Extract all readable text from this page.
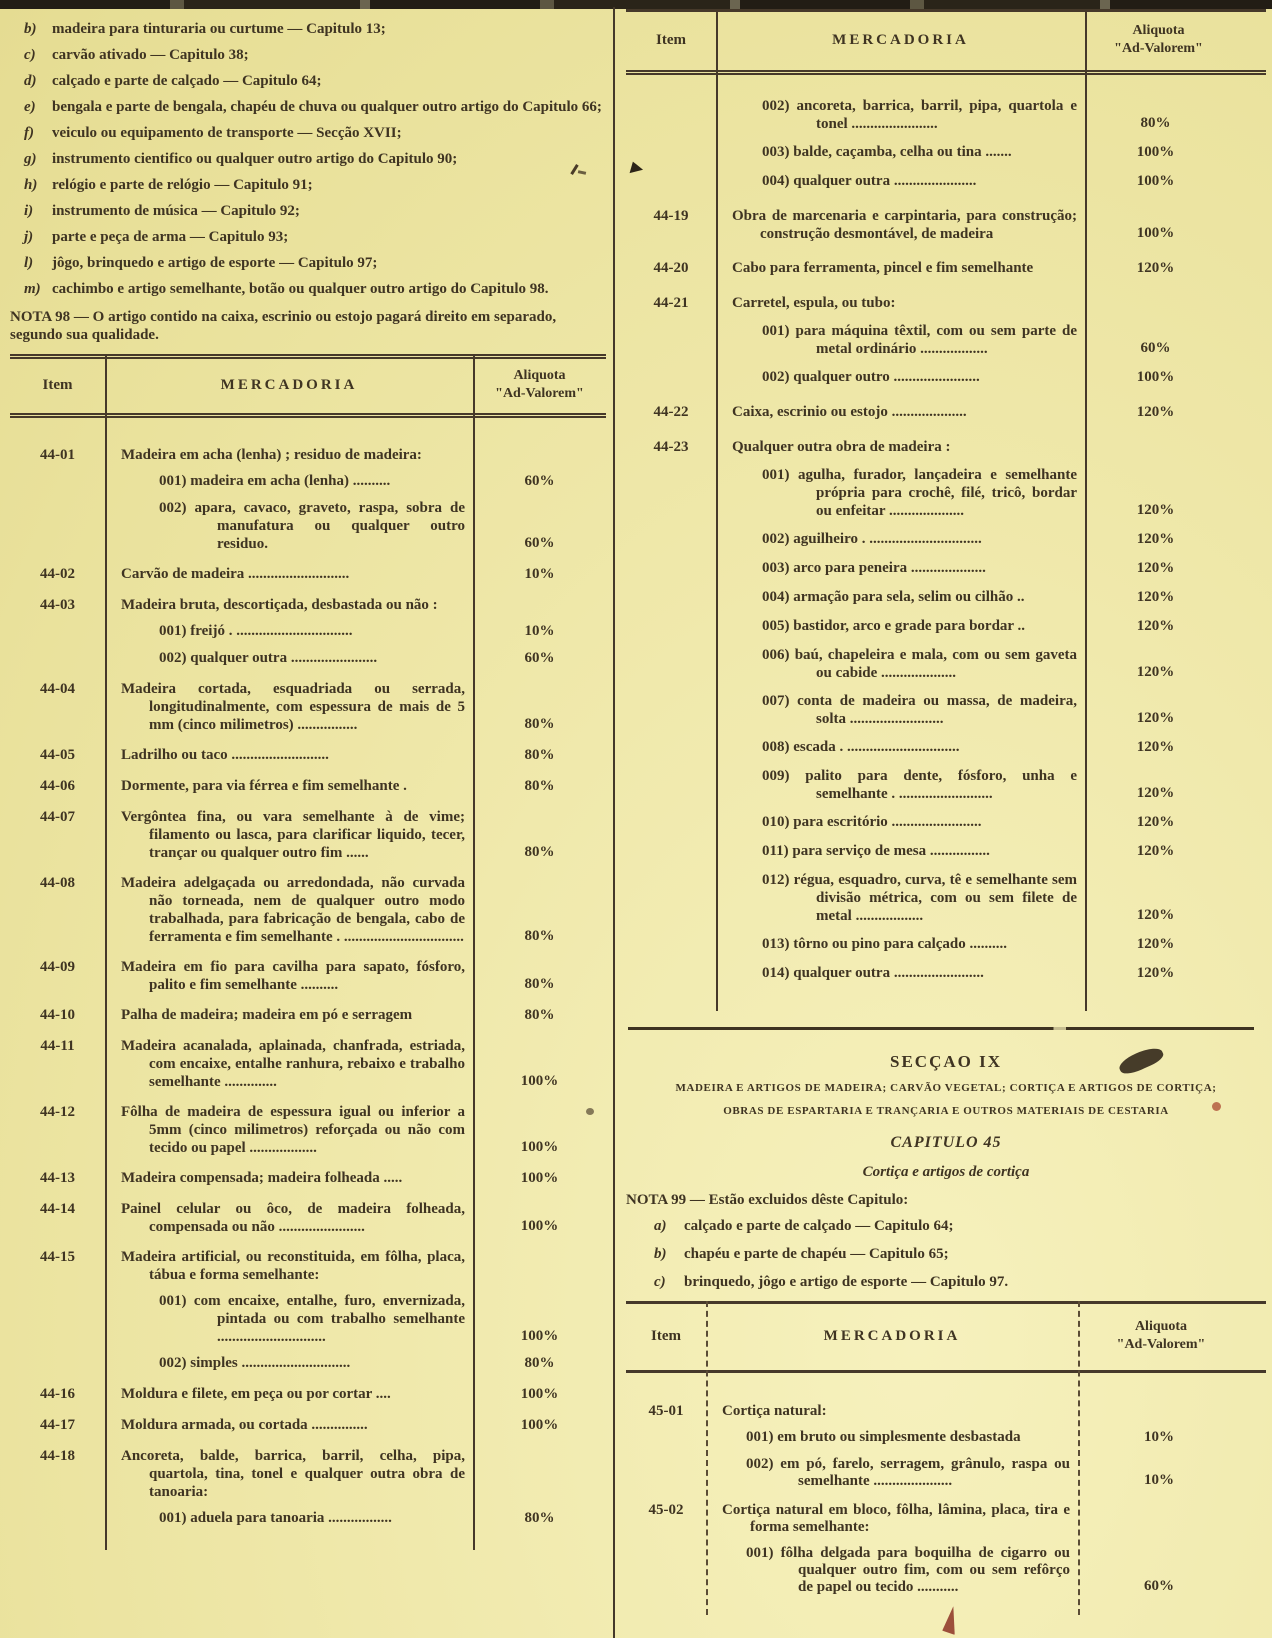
b)	madeira para tinturaria ou curtume — Capitulo 13;
c)	carvão ativado — Capitulo 38;
d)	calçado e parte de calçado — Capitulo 64;
e)	bengala e parte de bengala, chapéu de chuva ou qualquer outro artigo do Capitulo 66;
f)	veiculo ou equipamento de transporte — Secção XVII;
g)	instrumento cientifico ou qualquer outro artigo do Capitulo 90;
h) relógio e parte de relógio — Capitulo 91;
i)	instrumento de música — Capitulo 92;
j)	parte e peça de arma — Capitulo 93;
l)	jôgo, brinquedo e artigo de esporte — Capitulo 97;
m) cachimbo e artigo semelhante, botão ou qualquer outro artigo do Capitulo 98.

NOTA 98 — O artigo contido na caixa, escrinio ou estojo pagará direito em separado, segundo sua qualidade.

Item	MERCADORIA
Aliquota
"Ad-Valorem"
44-01	Madeira em acha (lenha) ; residuo de madeira:
001) madeira em acha (lenha) ..........	60%
002) apara, cavaco, graveto, raspa, sobra de manufatura ou qualquer outro residuo.	60%
44-02	Carvão de madeira ...........................	10%
44-03	Madeira bruta, descortiçada, desbastada ou não :
001) freijó . ...............................	10%
002) qualquer outra .......................	60%
44-04	Madeira cortada, esquadriada ou serrada, longitudinalmente, com espessura de mais de 5 mm (cinco milimetros) ................	80%
44-05	Ladrilho ou taco ..........................	80%
44-06	Dormente, para via férrea e fim semelhante .	80%
44-07	Vergôntea fina, ou vara semelhante à de vime; filamento ou lasca, para clarificar liquido, tecer, trançar ou qualquer outro fim ......	80%
44-08	Madeira adelgaçada ou arredondada, não curvada não torneada, nem de qualquer outro modo trabalhada, para fabricação de bengala, cabo de ferramenta e fim semelhante . ................................	80%
44-09	Madeira em fio para cavilha para sapato, fósforo, palito e fim semelhante ..........	80%
44-10	Palha de madeira; madeira em pó e serragem	80%
44-11	Madeira acanalada, aplainada, chanfrada, estriada, com encaixe, entalhe ranhura, rebaixo e trabalho semelhante ..............	100%
44-12	Fôlha de madeira de espessura igual ou inferior a 5mm (cinco milimetros) reforçada ou não com tecido ou papel ..................	100%
44-13	Madeira compensada; madeira folheada .....	100%
44-14	Painel celular ou ôco, de madeira folheada, compensada ou não .......................	100%
44-15	Madeira artificial, ou reconstituida, em fôlha, placa, tábua e forma semelhante:
001) com encaixe, entalhe, furo, envernizada, pintada ou com trabalho semelhante .............................	100%
002) simples .............................	80%
44-16	Moldura e filete, em peça ou por cortar ....	100%
44-17	Moldura armada, ou cortada ...............	100%
44-18	Ancoreta, balde, barrica, barril, celha, pipa, quartola, tina, tonel e qualquer outra obra de tanoaria:
001) aduela para tanoaria .................	80%
Item	MERCADORIA
Aliquota
"Ad-Valorem"
002) ancoreta, barrica, barril, pipa, quartola e tonel .......................	80%
003) balde, caçamba, celha ou tina .......	100%
004) qualquer outra ......................	100%
44-19	Obra de marcenaria e carpintaria, para construção; construção desmontável, de madeira	100%
44-20	Cabo para ferramenta, pincel e fim semelhante	120%
44-21	Carretel, espula, ou tubo:
001) para máquina têxtil, com ou sem parte de metal ordinário ..................	60%
002) qualquer outro .......................	100%
44-22	Caixa, escrinio ou estojo ....................	120%
44-23	Qualquer outra obra de madeira :
001) agulha, furador, lançadeira e semelhante própria para crochê, filé, tricô, bordar ou enfeitar ....................	120%
002) aguilheiro . ..............................	120%
003) arco para peneira ....................	120%
004) armação para sela, selim ou cilhão ..	120%
005) bastidor, arco e grade para bordar ..	120%
006) baú, chapeleira e mala, com ou sem gaveta ou cabide ....................	120%
007) conta de madeira ou massa, de madeira, solta .........................	120%
008) escada . ..............................	120%
009) palito para dente, fósforo, unha e semelhante . .........................	120%
010) para escritório ........................	120%
011) para serviço de mesa ................	120%
012) régua, esquadro, curva, tê e semelhante sem divisão métrica, com ou sem filete de metal ..................	120%
013) tôrno ou pino para calçado ..........	120%
014) qualquer outra ........................	120%
SECÇAO IX
MADEIRA E ARTIGOS DE MADEIRA; CARVÃO VEGETAL; CORTIÇA E ARTIGOS DE CORTIÇA;
OBRAS DE ESPARTARIA E TRANÇARIA E OUTROS MATERIAIS DE CESTARIA
CAPITULO 45
Cortiça e artigos de cortiça

NOTA 99 — Estão excluidos dêste Capitulo:

a)	calçado e parte de calçado — Capitulo 64;
b)	chapéu e parte de chapéu — Capitulo 65;
c)	brinquedo, jôgo e artigo de esporte — Capitulo 97.
Item	MERCADORIA
Aliquota
"Ad-Valorem"
45-01	Cortiça natural:
001) em bruto ou simplesmente desbastada	10%
002) em pó, farelo, serragem, grânulo, raspa ou semelhante .....................	10%
45-02	Cortiça natural em bloco, fôlha, lâmina, placa, tira e forma semelhante:
001) fôlha delgada para boquilha de cigarro ou qualquer outro fim, com ou sem refôrço de papel ou tecido ...........	60%
